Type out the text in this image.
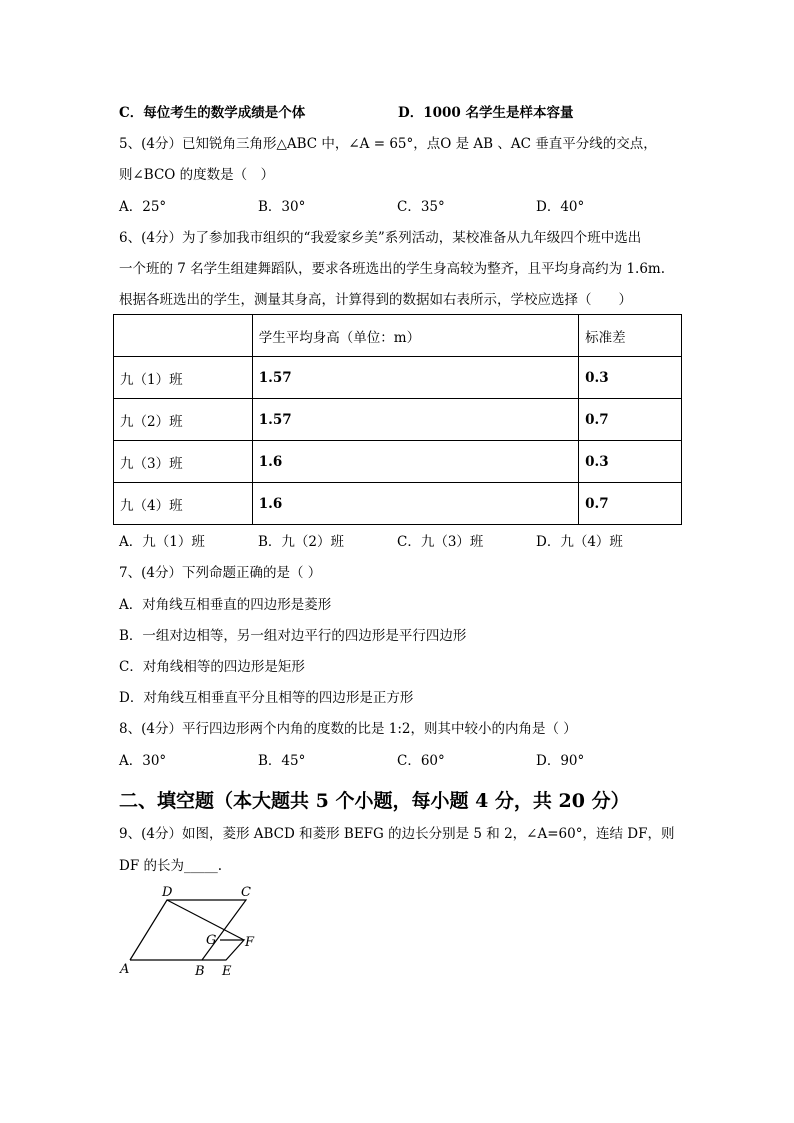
C．每位考生的数学成绩是个体	D．1000 名学生是样本容量
5、(4分）已知锐角三角形△ABC 中，∠A = 65°，点O 是 AB 、AC 垂直平分线的交点，
则∠BCO 的度数是（　）
A．25°	B．30°	C．35°	D．40°
6、(4分）为了参加我市组织的“我爱家乡美”系列活动，某校准备从九年级四个班中选出
一个班的 7 名学生组建舞蹈队，要求各班选出的学生身高较为整齐，且平均身高约为 1.6m.
根据各班选出的学生，测量其身高，计算得到的数据如右表所示，学校应选择（　　）
	学生平均身高（单位：m）	标准差
九（1）班	1.57	0.3
九（2）班	1.57	0.7
九（3）班	1.6	0.3
九（4）班	1.6	0.7
A．九（1）班	B．九（2）班	C．九（3）班	D．九（4）班
7、(4分）下列命题正确的是（ ）
A．对角线互相垂直的四边形是菱形
B．一组对边相等，另一组对边平行的四边形是平行四边形
C．对角线相等的四边形是矩形
D．对角线互相垂直平分且相等的四边形是正方形
8、(4分）平行四边形两个内角的度数的比是 1:2，则其中较小的内角是（ ）
A．30°	B．45°	C．60°	D．90°
二、填空题（本大题共 5 个小题，每小题 4 分，共 20 分）
9、(4分）如图，菱形 ABCD 和菱形 BEFG 的边长分别是 5 和 2，∠A=60°，连结 DF，则
DF 的长为_____.
A	B E
F
G
C
D
